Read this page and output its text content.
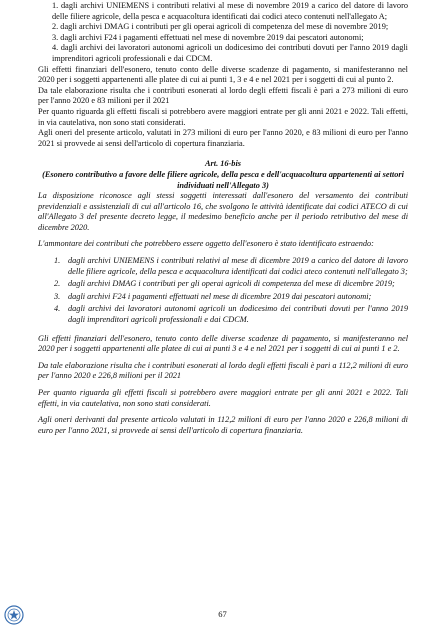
1. dagli archivi UNIEMENS i contributi relativi al mese di novembre 2019 a carico del datore di lavoro delle filiere agricole, della pesca e acquacoltura identificati dai codici ateco contenuti nell'allegato A;

2. dagli archivi DMAG i contributi per gli operai agricoli di competenza del mese di novembre 2019;

3. dagli archivi F24 i pagamenti effettuati nel mese di novembre 2019 dai pescatori autonomi;

4. dagli archivi dei lavoratori autonomi agricoli un dodicesimo dei contributi dovuti per l'anno 2019 dagli imprenditori agricoli professionali e dai CDCM.

Gli effetti finanziari dell'esonero, tenuto conto delle diverse scadenze di pagamento, si manifesteranno nel 2020 per i soggetti appartenenti alle platee di cui ai punti 1, 3 e 4 e nel 2021 per i soggetti di cui al punto 2.

Da tale elaborazione risulta che i contributi esonerati al lordo degli effetti fiscali è pari a 273 milioni di euro per l'anno 2020 e 83 milioni per il 2021

Per quanto riguarda gli effetti fiscali si potrebbero avere maggiori entrate per gli anni 2021 e 2022. Tali effetti, in via cautelativa, non sono stati considerati.

Agli oneri del presente articolo, valutati in 273 milioni di euro per l'anno 2020, e 83 milioni di euro per l'anno 2021 si provvede ai sensi dell'articolo di copertura finanziaria.

Art. 16-bis

(Esonero contributivo a favore delle filiere agricole, della pesca e dell'acquacoltura appartenenti ai settori individuati nell'Allegato 3)

La disposizione riconosce agli stessi soggetti interessati dall'esonero del versamento dei contributi previdenziali e assistenziali di cui all'articolo 16, che svolgono le attività identificate dai codici ATECO di cui all'Allegato 3 del presente decreto legge, il medesimo beneficio anche per il periodo retributivo del mese di dicembre 2020.

L'ammontare dei contributi che potrebbero essere oggetto dell'esonero è stato identificato estraendo:

1. dagli archivi UNIEMENS i contributi relativi al mese di dicembre 2019 a carico del datore di lavoro delle filiere agricole, della pesca e acquacoltura identificati dai codici ateco contenuti nell'allegato 3;
2. dagli archivi DMAG i contributi per gli operai agricoli di competenza del mese di dicembre 2019;
3. dagli archivi F24 i pagamenti effettuati nel mese di dicembre 2019 dai pescatori autonomi;
4. dagli archivi dei lavoratori autonomi agricoli un dodicesimo dei contributi dovuti per l'anno 2019 dagli imprenditori agricoli professionali e dai CDCM.

Gli effetti finanziari dell'esonero, tenuto conto delle diverse scadenze di pagamento, si manifesteranno nel 2020 per i soggetti appartenenti alle platee di cui ai punti 3 e 4 e nel 2021 per i soggetti di cui ai punti 1 e 2.

Da tale elaborazione risulta che i contributi esonerati al lordo degli effetti fiscali è pari a 112,2 milioni di euro per l'anno 2020 e 226,8 milioni per il 2021

Per quanto riguarda gli effetti fiscali si potrebbero avere maggiori entrate per gli anni 2021 e 2022. Tali effetti, in via cautelativa, non sono stati considerati.

Agli oneri derivanti dal presente articolo valutati in 112,2 milioni di euro per l'anno 2020 e 226,8 milioni di euro per l'anno 2021, si provvede ai sensi dell'articolo di copertura finanziaria.

67
